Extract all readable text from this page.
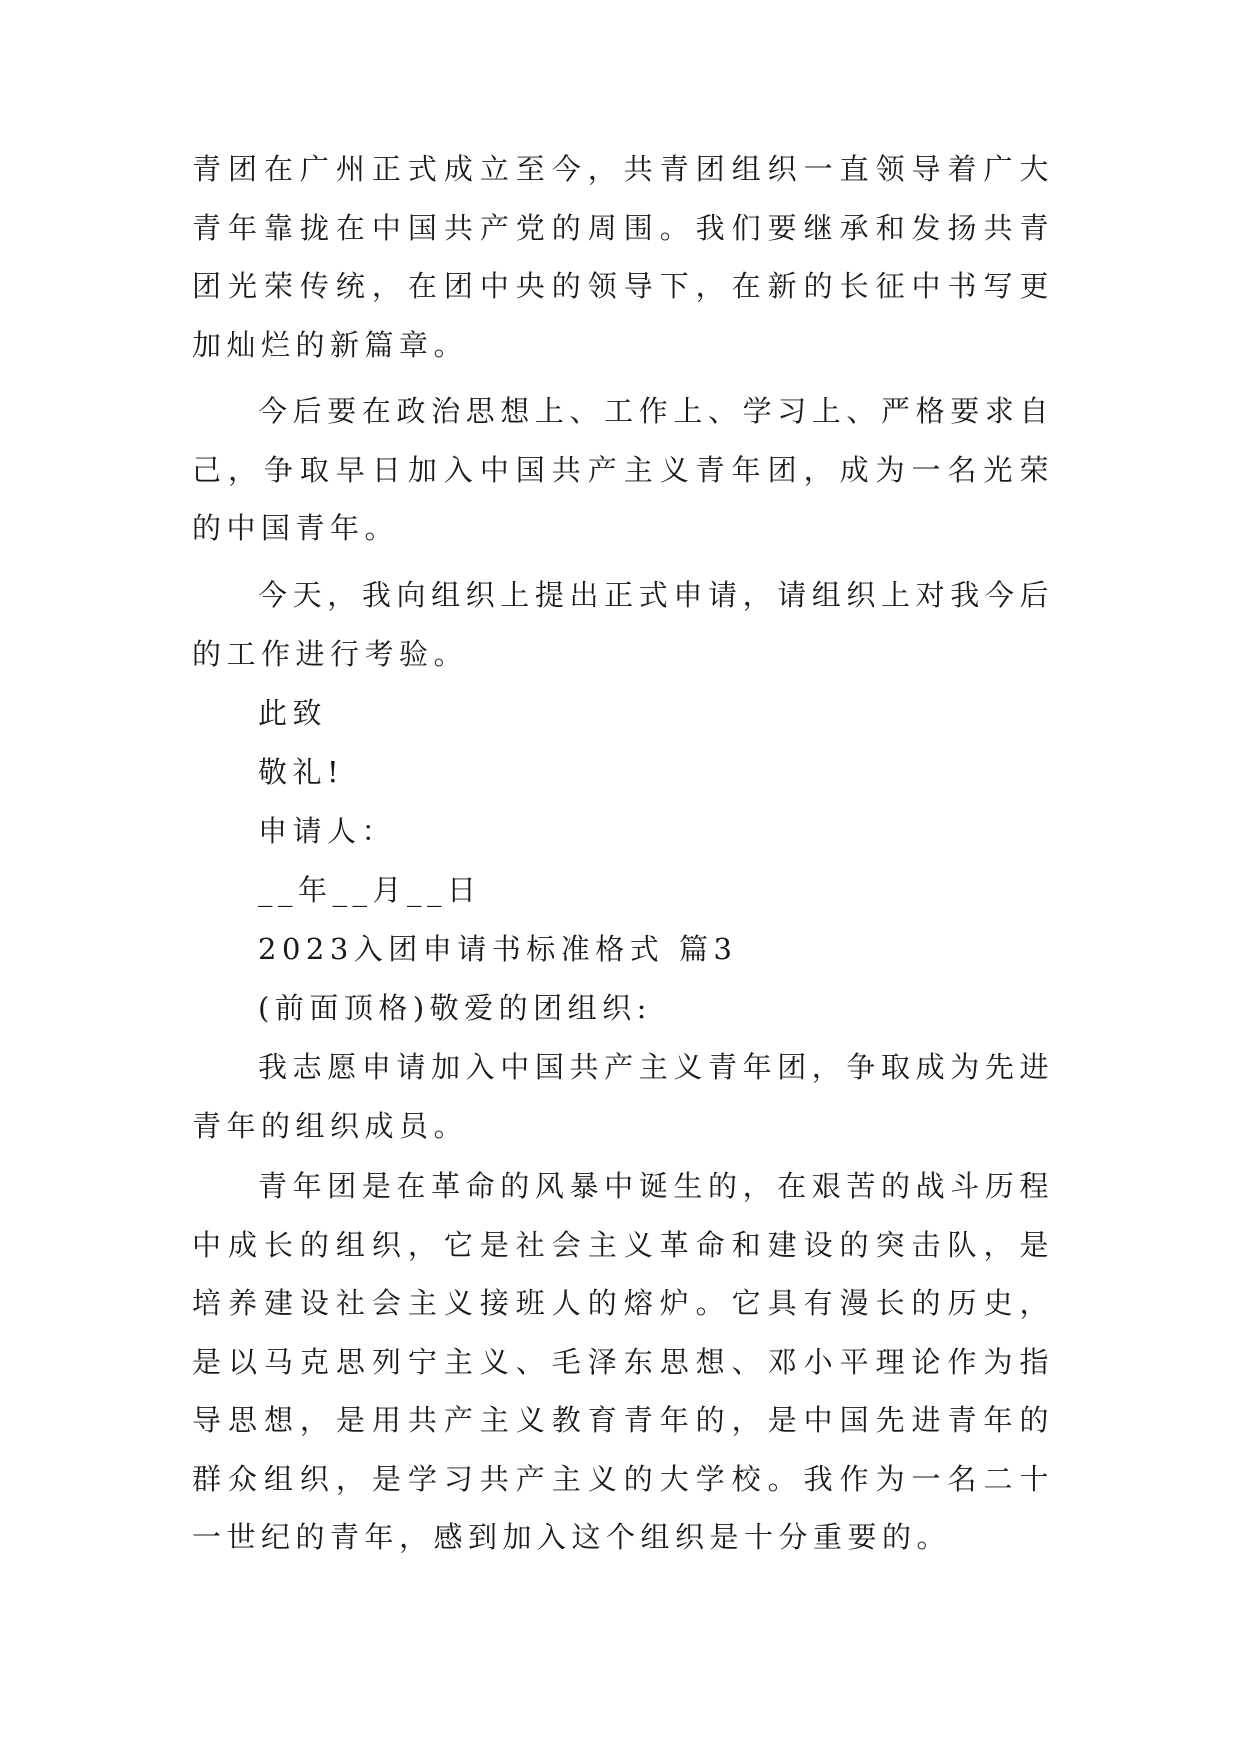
青团在广州正式成立至今，共青团组织一直领导着广大青年靠拢在中国共产党的周围。我们要继承和发扬共青团光荣传统，在团中央的领导下，在新的长征中书写更加灿烂的新篇章。

今后要在政治思想上、工作上、学习上、严格要求自己，争取早日加入中国共产主义青年团，成为一名光荣的中国青年。

今天，我向组织上提出正式申请，请组织上对我今后的工作进行考验。

此致

敬礼!

申请人：

__年__月__日

2023入团申请书标准格式 篇3

(前面顶格)敬爱的团组织:

我志愿申请加入中国共产主义青年团，争取成为先进青年的组织成员。

青年团是在革命的风暴中诞生的，在艰苦的战斗历程中成长的组织，它是社会主义革命和建设的突击队，是培养建设社会主义接班人的熔炉。它具有漫长的历史，是以马克思列宁主义、毛泽东思想、邓小平理论作为指导思想，是用共产主义教育青年的，是中国先进青年的群众组织，是学习共产主义的大学校。我作为一名二十一世纪的青年，感到加入这个组织是十分重要的。
